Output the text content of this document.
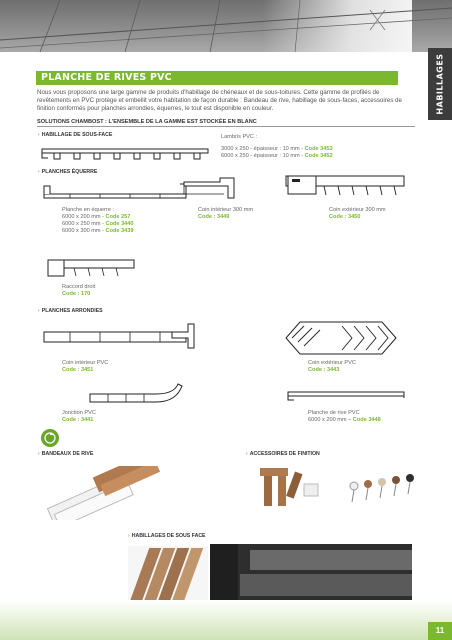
HABILLAGES
PLANCHE DE RIVES PVC
Nous vous proposons une large gamme de produits d'habillage de chéneaux et de sous-toitures. Cette gamme de profilés de
revêtements en PVC protège et embellit votre habitation de façon durable : Bandeau de rive, habillage de sous-faces, accessoires de
finition conformés pour planches arrondies, équerres, le tout est disponible en couleur.
SOLUTIONS CHAMBOST : L'ENSEMBLE DE LA GAMME EST STOCKÉE EN BLANC
› HABILLAGE DE SOUS-FACE	Lambris PVC :
3000 x 250 - épaisseur : 10 mm - Code 3453
6000 x 250 - épaisseur : 10 mm - Code 3452
› PLANCHES ÉQUERRE
Planche en équerre :
6000 x 200 mm - Code 257
6000 x 250 mm - Code 3440
6000 x 300 mm - Code 3439
Coin intérieur 300 mm
Code : 3449
Coin extérieur 300 mm
Code : 3450
Raccord droit
Code : 170
› PLANCHES ARRONDIES
Coin intérieur PVC
Code : 3451
Coin extérieur PVC
Code : 3443
Jonction PVC
Code : 3441
Planche de rive PVC
6000 x 200 mm – Code 3448
› BANDEAUX DE RIVE	› ACCESSOIRES DE FINITION
› HABILLAGES DE SOUS FACE
11
